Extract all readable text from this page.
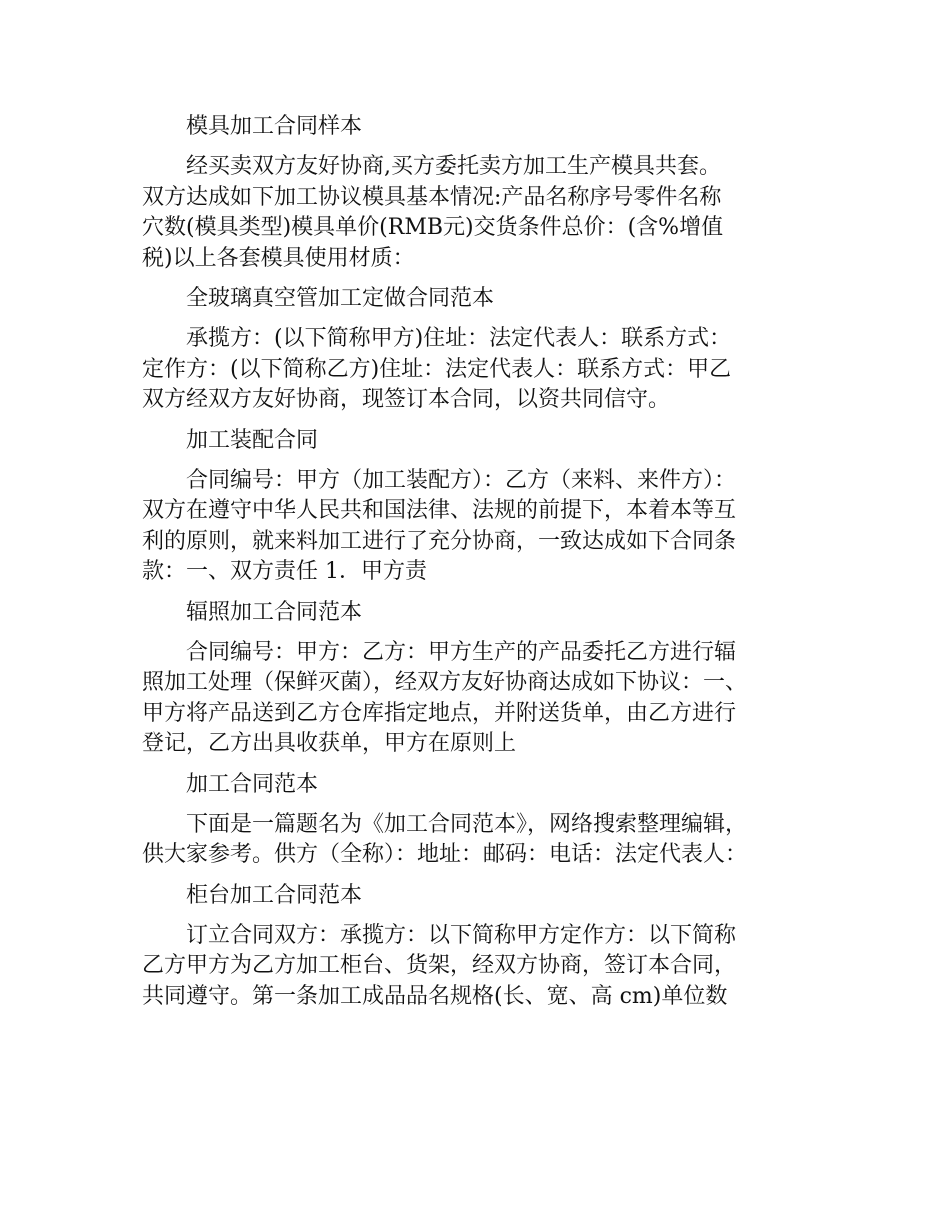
模具加工合同样本
经买卖双方友好协商,买方委托卖方加工生产模具共套。
双方达成如下加工协议模具基本情况:产品名称序号零件名称
穴数(模具类型)模具单价(RMB元)交货条件总价：(含%增值
税)以上各套模具使用材质：
全玻璃真空管加工定做合同范本
承揽方：(以下简称甲方)住址：法定代表人：联系方式：
定作方：(以下简称乙方)住址：法定代表人：联系方式：甲乙
双方经双方友好协商，现签订本合同，以资共同信守。
加工装配合同
合同编号：甲方（加工装配方）：乙方（来料、来件方）：
双方在遵守中华人民共和国法律、法规的前提下，本着本等互
利的原则，就来料加工进行了充分协商，一致达成如下合同条
款：一、双方责任 1．甲方责
辐照加工合同范本
合同编号：甲方：乙方：甲方生产的产品委托乙方进行辐
照加工处理（保鲜灭菌），经双方友好协商达成如下协议：一、
甲方将产品送到乙方仓库指定地点，并附送货单，由乙方进行
登记，乙方出具收获单，甲方在原则上
加工合同范本
下面是一篇题名为《加工合同范本》，网络搜索整理编辑，
供大家参考。供方（全称）：地址：邮码：电话：法定代表人：
柜台加工合同范本
订立合同双方：承揽方：以下简称甲方定作方：以下简称
乙方甲方为乙方加工柜台、货架，经双方协商，签订本合同，
共同遵守。第一条加工成品品名规格(长、宽、高 cm)单位数
